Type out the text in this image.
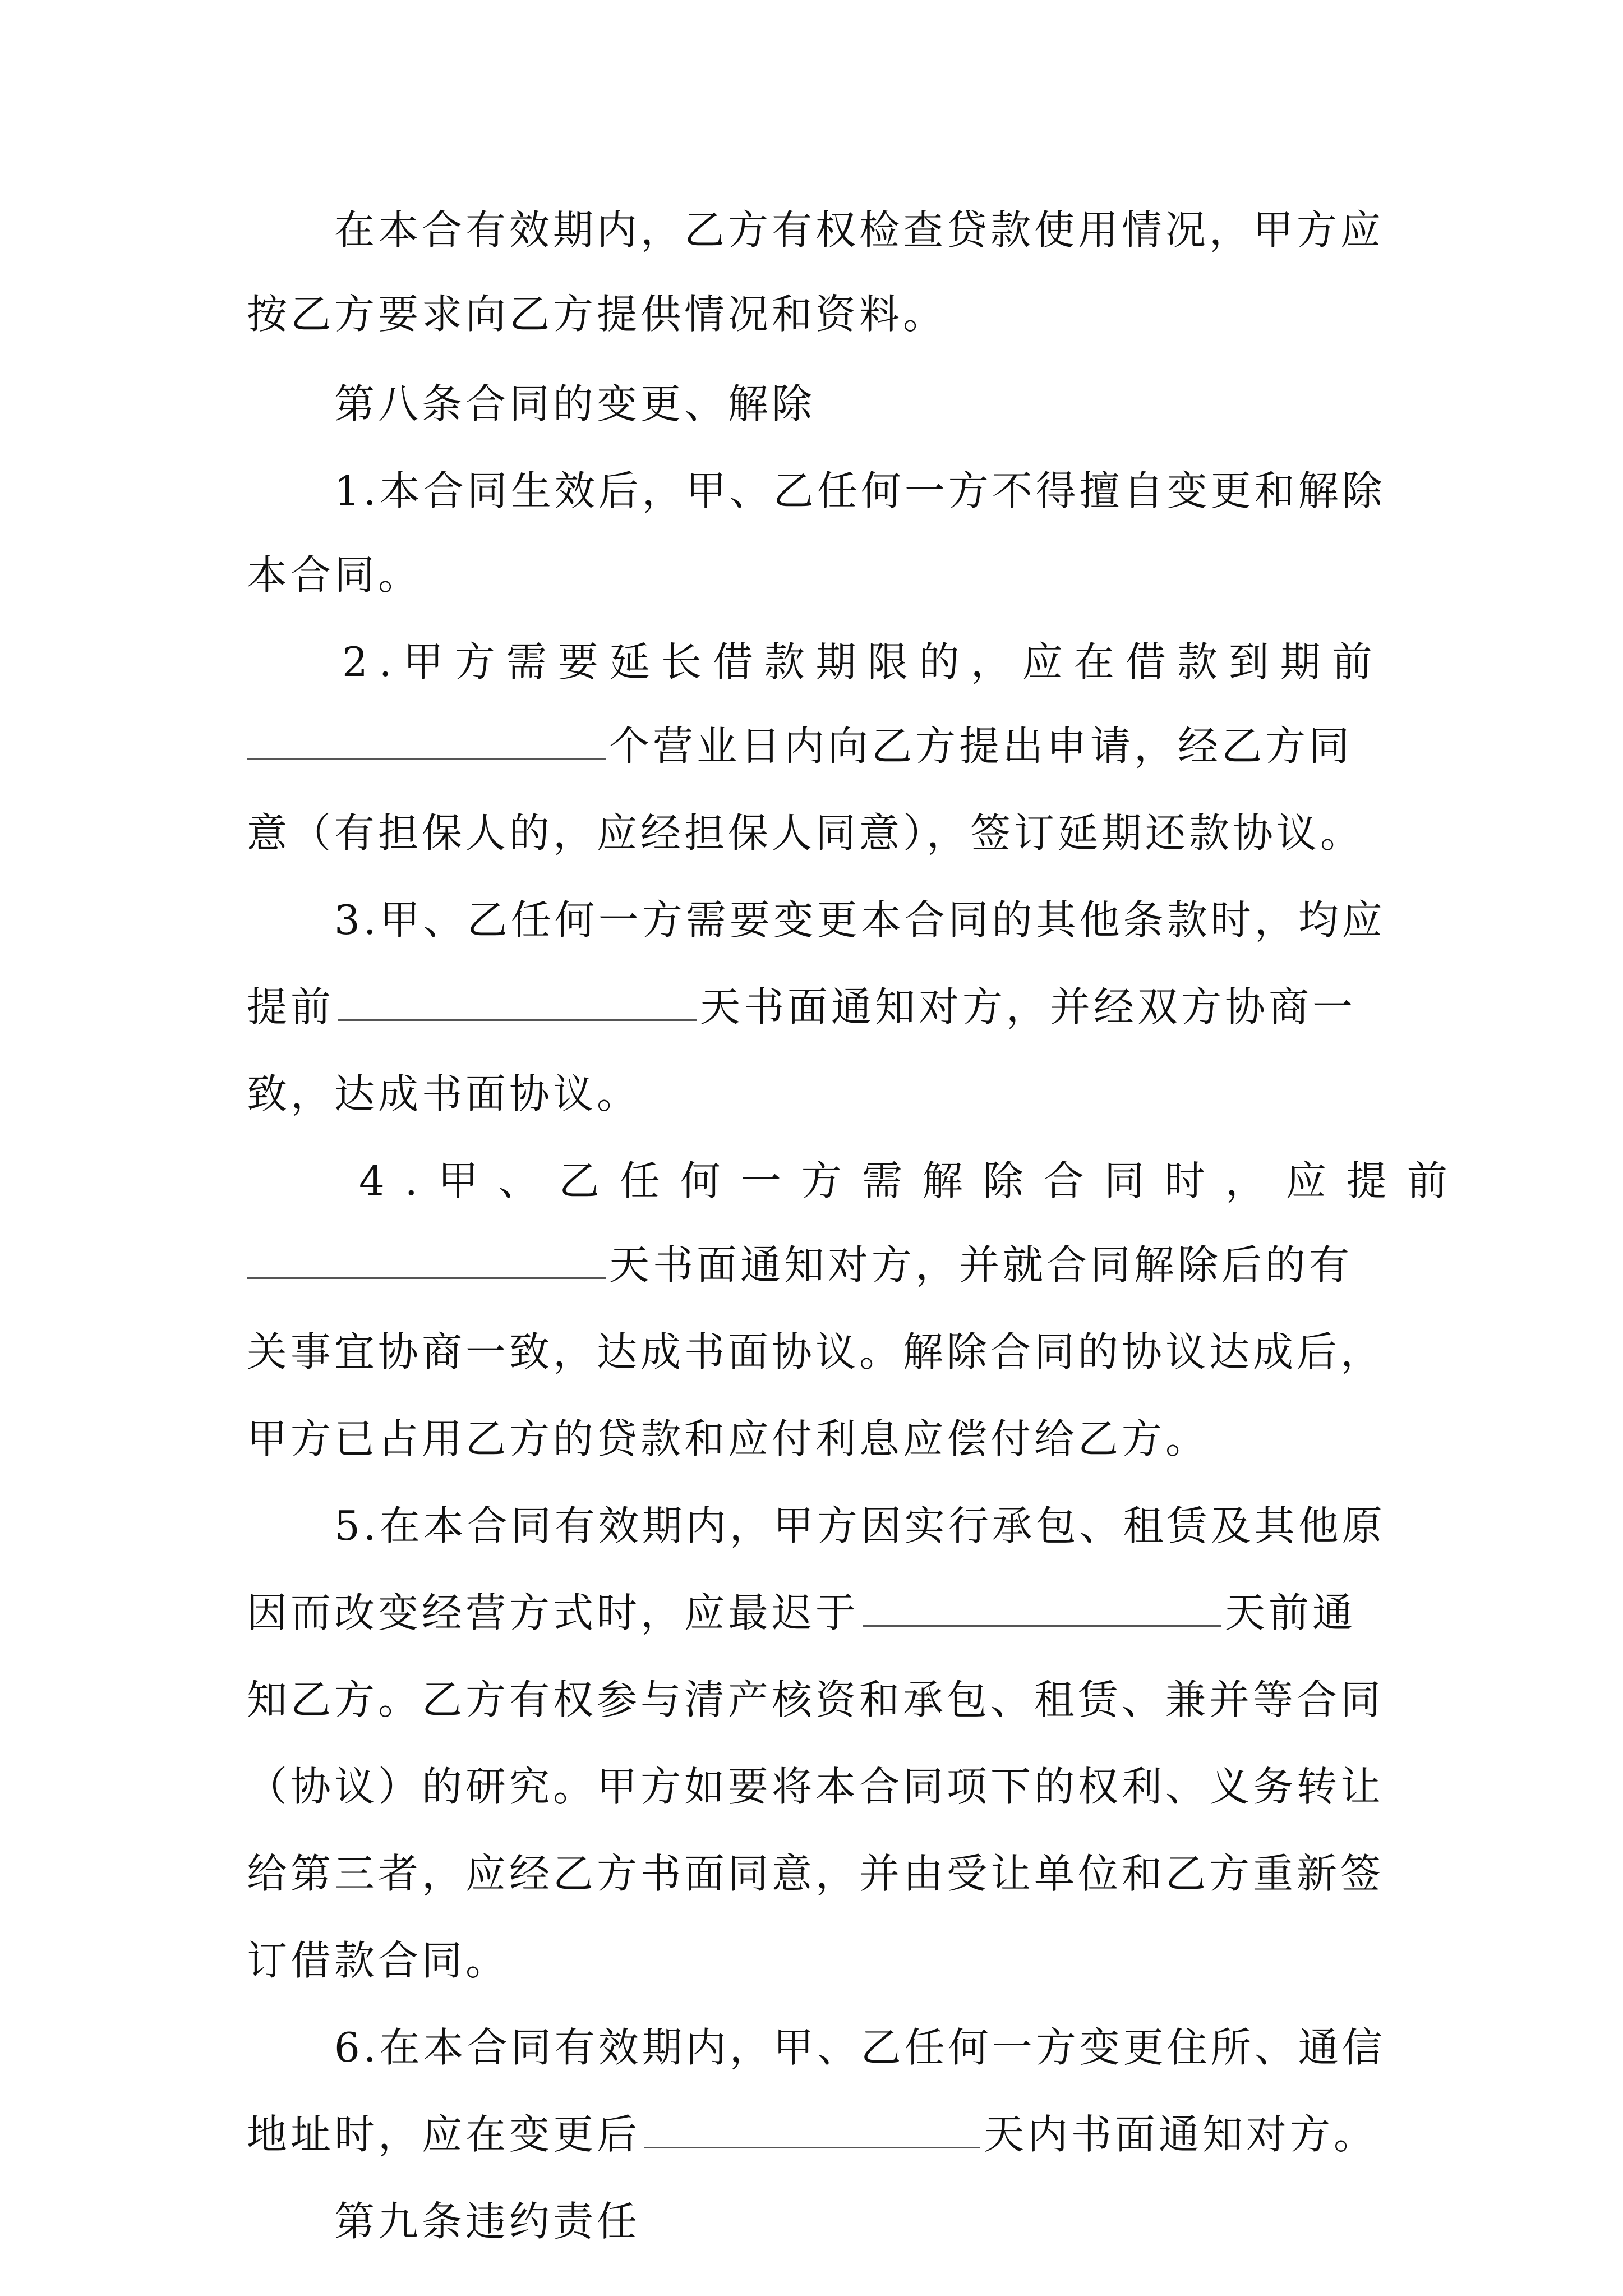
在本合有效期内，乙方有权检查贷款使用情况，甲方应
按乙方要求向乙方提供情况和资料。
第八条合同的变更、解除
1.本合同生效后，甲、乙任何一方不得擅自变更和解除
本合同。
2.甲方需要延长借款期限的，应在借款到期前
个营业日内向乙方提出申请，经乙方同
意（有担保人的，应经担保人同意），签订延期还款协议。
3.甲、乙任何一方需要变更本合同的其他条款时，均应
提前	天书面通知对方，并经双方协商一
致，达成书面协议。
4.甲、乙任何一方需解除合同时，应提前
天书面通知对方，并就合同解除后的有
关事宜协商一致，达成书面协议。解除合同的协议达成后，
甲方已占用乙方的贷款和应付利息应偿付给乙方。
5.在本合同有效期内，甲方因实行承包、租赁及其他原
因而改变经营方式时，应最迟于	天前通
知乙方。乙方有权参与清产核资和承包、租赁、兼并等合同
（协议）的研究。甲方如要将本合同项下的权利、义务转让
给第三者，应经乙方书面同意，并由受让单位和乙方重新签
订借款合同。
6.在本合同有效期内，甲、乙任何一方变更住所、通信
地址时，应在变更后	天内书面通知对方。
第九条违约责任
